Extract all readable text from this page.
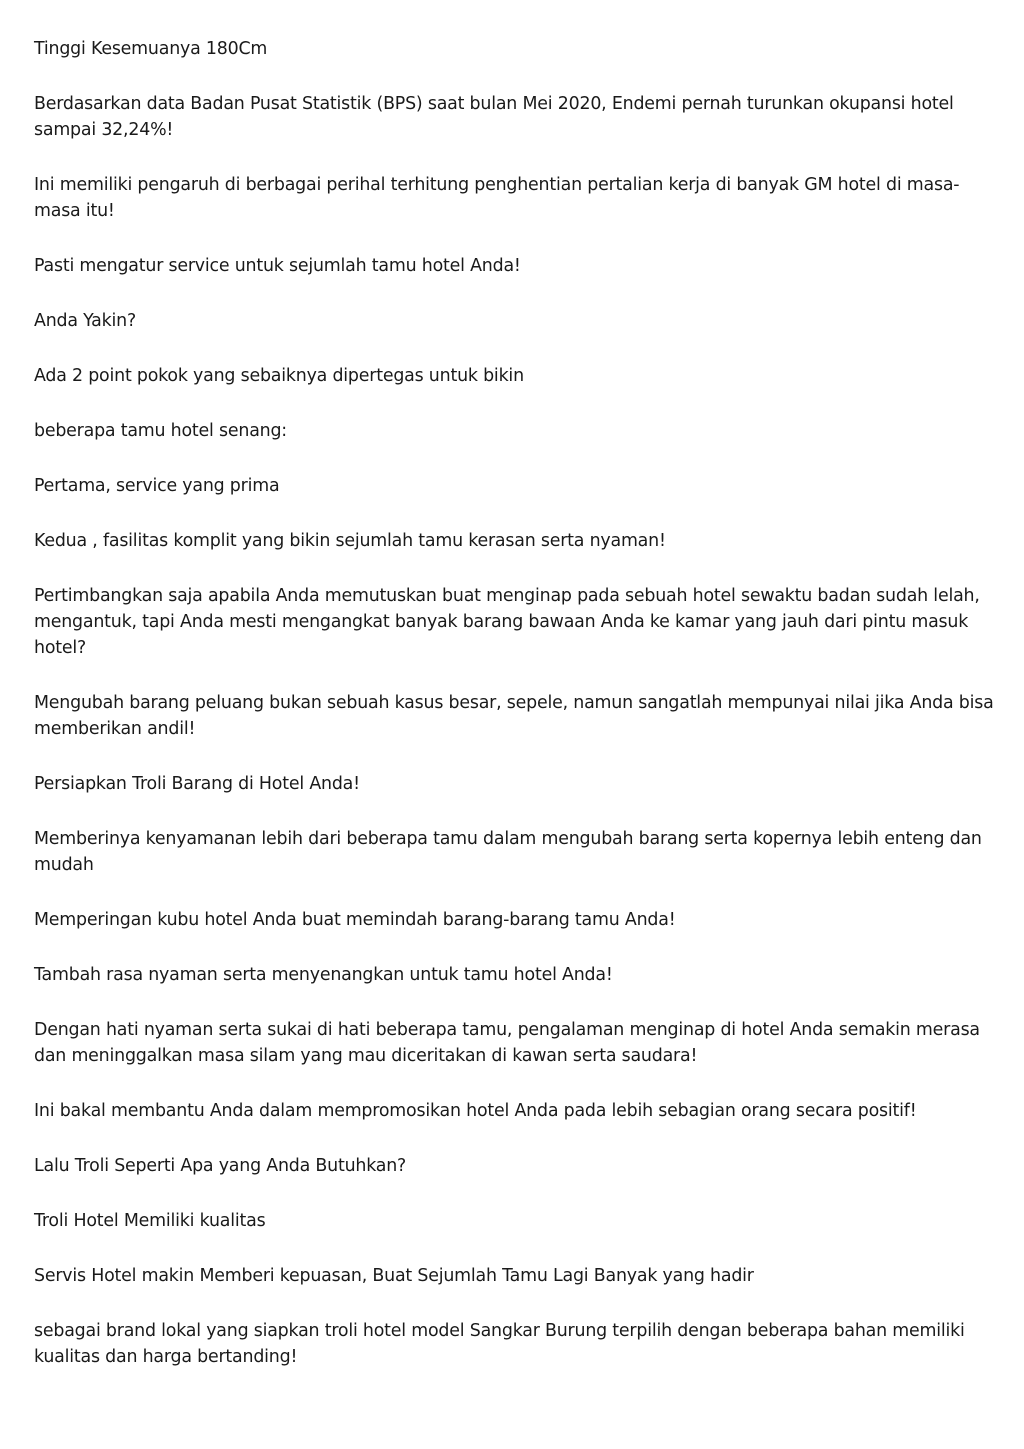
Tinggi Kesemuanya 180Cm

Berdasarkan data Badan Pusat Statistik (BPS) saat bulan Mei 2020, Endemi pernah turunkan okupansi hotel sampai 32,24%!

Ini memiliki pengaruh di berbagai perihal terhitung penghentian pertalian kerja di banyak GM hotel di masa-masa itu!

Pasti mengatur service untuk sejumlah tamu hotel Anda!

Anda Yakin?

Ada 2 point pokok yang sebaiknya dipertegas untuk bikin

beberapa tamu hotel senang:

Pertama, service yang prima

Kedua , fasilitas komplit yang bikin sejumlah tamu kerasan serta nyaman!

Pertimbangkan saja apabila Anda memutuskan buat menginap pada sebuah hotel sewaktu badan sudah lelah, mengantuk, tapi Anda mesti mengangkat banyak barang bawaan Anda ke kamar yang jauh dari pintu masuk hotel?

Mengubah barang peluang bukan sebuah kasus besar, sepele, namun sangatlah mempunyai nilai jika Anda bisa memberikan andil!

Persiapkan Troli Barang di Hotel Anda!

Memberinya kenyamanan lebih dari beberapa tamu dalam mengubah barang serta kopernya lebih enteng dan mudah

Memperingan kubu hotel Anda buat memindah barang-barang tamu Anda!

Tambah rasa nyaman serta menyenangkan untuk tamu hotel Anda!

Dengan hati nyaman serta sukai di hati beberapa tamu, pengalaman menginap di hotel Anda semakin merasa dan meninggalkan masa silam yang mau diceritakan di kawan serta saudara!

Ini bakal membantu Anda dalam mempromosikan hotel Anda pada lebih sebagian orang secara positif!

Lalu Troli Seperti Apa yang Anda Butuhkan?

Troli Hotel Memiliki kualitas

Servis Hotel makin Memberi kepuasan, Buat Sejumlah Tamu Lagi Banyak yang hadir

sebagai brand lokal yang siapkan troli hotel model Sangkar Burung terpilih dengan beberapa bahan memiliki kualitas dan harga bertanding!
